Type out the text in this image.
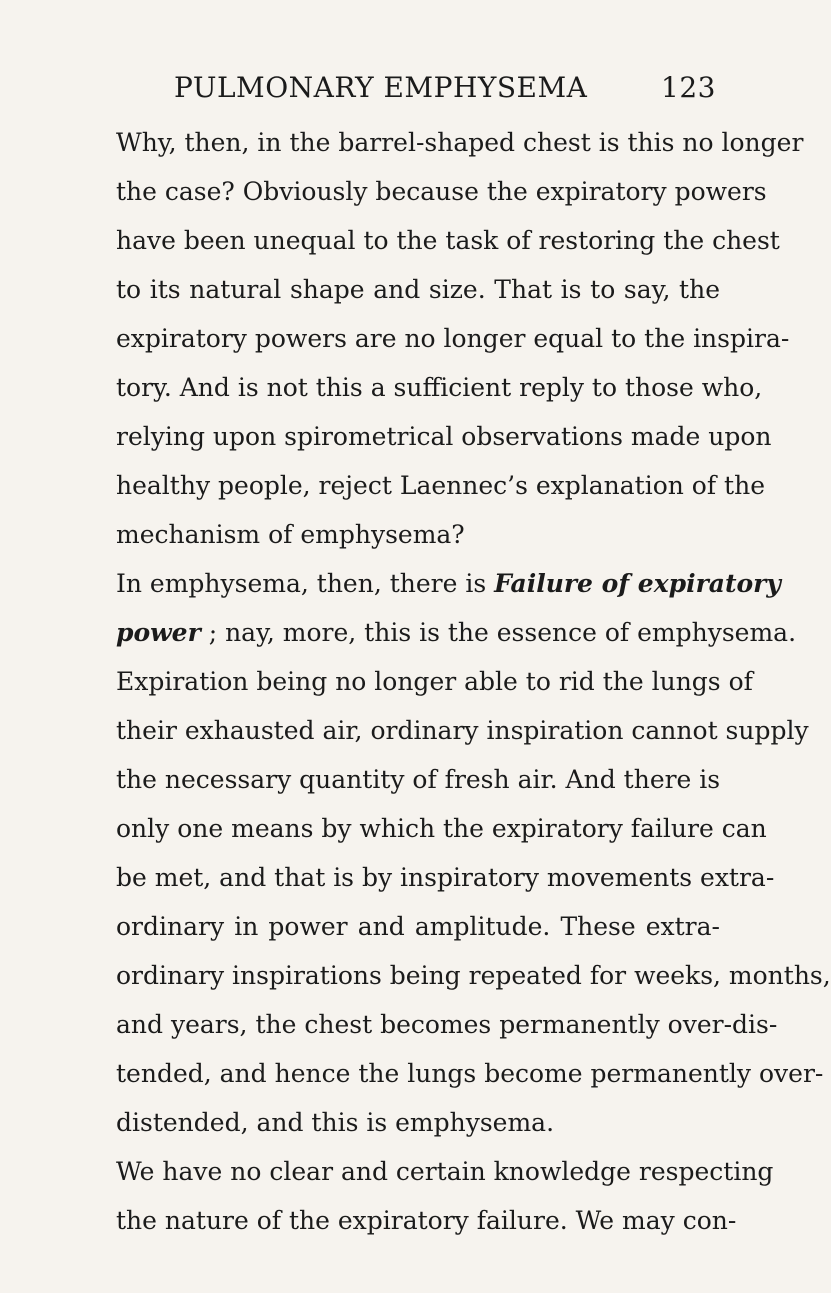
PULMONARY EMPHYSEMA	123
Why, then, in the barrel-shaped chest is this no longer
the case? Obviously because the expiratory powers
have been unequal to the task of restoring the chest
to its natural shape and size. That is to say, the
expiratory powers are no longer equal to the inspira-
tory. And is not this a sufficient reply to those who,
relying upon spirometrical observations made upon
healthy people, reject Laennec’s explanation of the
mechanism of emphysema?
In emphysema, then, there is Failure of expiratory
power ; nay, more, this is the essence of emphysema.
Expiration being no longer able to rid the lungs of
their exhausted air, ordinary inspiration cannot supply
the necessary quantity of fresh air. And there is
only one means by which the expiratory failure can
be met, and that is by inspiratory movements extra-
ordinary in power and amplitude. These extra-
ordinary inspirations being repeated for weeks, months,
and years, the chest becomes permanently over-dis-
tended, and hence the lungs become permanently over-
distended, and this is emphysema.
We have no clear and certain knowledge respecting
the nature of the expiratory failure. We may con-
